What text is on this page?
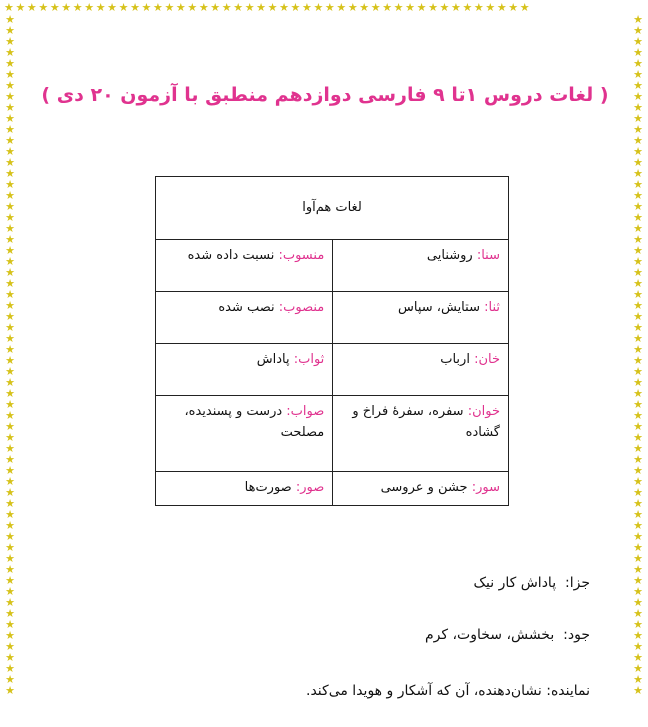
★★★★★★★★★★★★★★★★★★★★★★★★★★★★★★★★★★★★★★★★★★★★★★
★★★★★★★★★★★★★★★★★★★★★★★★★★★★★★★★★★★★★★★★★★★★★★★★★★★★★★★★★★★★★★
★★★★★★★★★★★★★★★★★★★★★★★★★★★★★★★★★★★★★★★★★★★★★★★★★★★★★★★★★★★★★★
( لغات دروس ۱تا ۹ فارسی دوازدهم منطبق با آزمون ۲۰ دی )
لغات هم‌آوا	
سنا: روشنایی	منسوب: نسبت داده شده
ثنا: ستایش، سپاس	منصوب: نصب شده
خان: ارباب	ثواب: پاداش
خوان: سفره، سفرهٔ فراخ و گشاده	صواب: درست و پسندیده، مصلحت
سور: جشن و عروسی	صور: صورت‌ها
جزا:  پاداش کار نیک
جود:  بخشش، سخاوت، کرم
نماینده: نشان‌دهنده، آن که آشکار و هویدا می‌کند.
